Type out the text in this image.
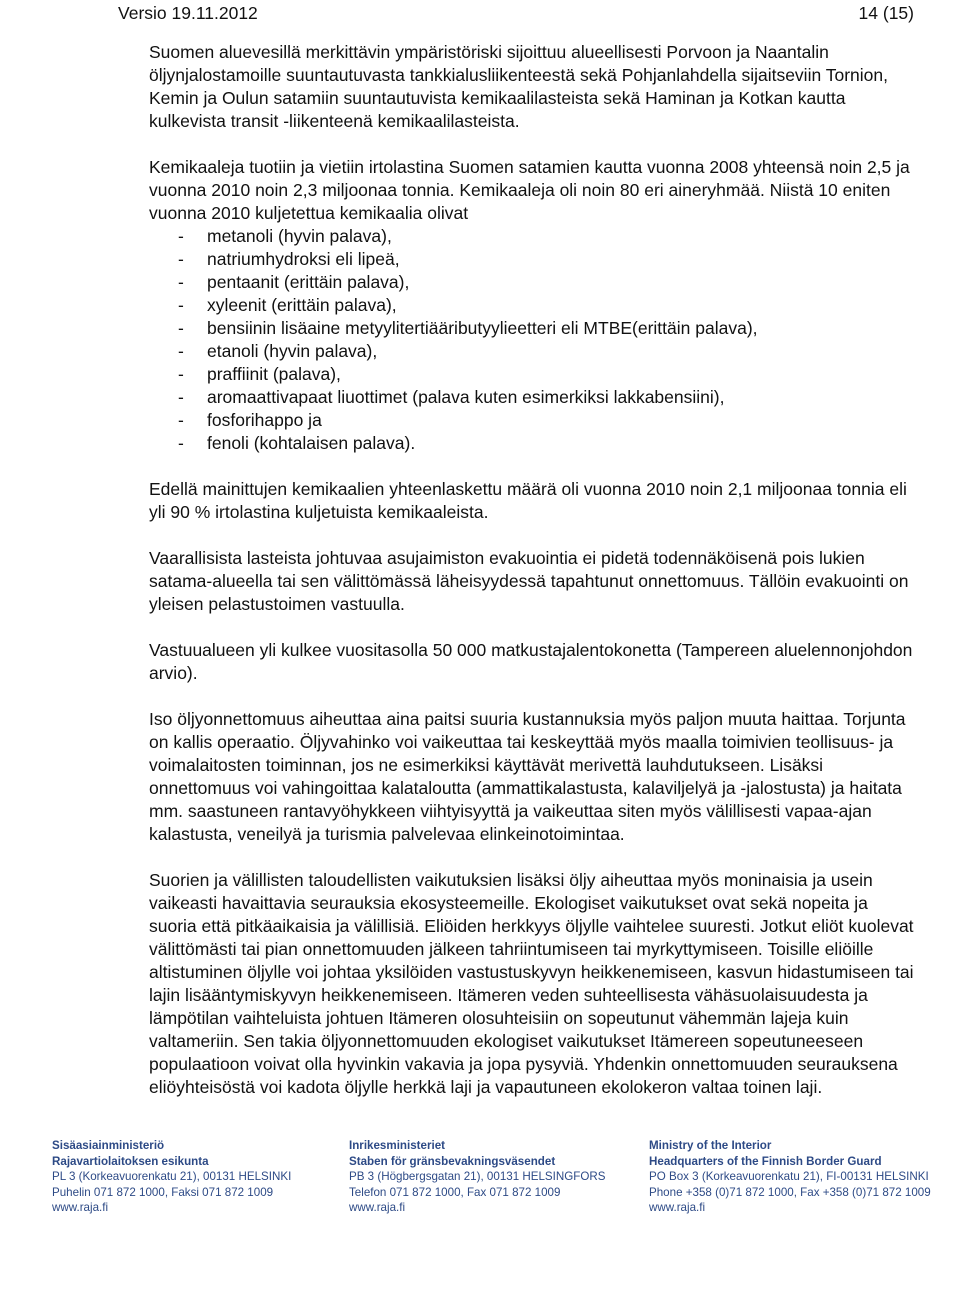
Versio 19.11.2012	14 (15)

Suomen aluevesillä merkittävin ympäristöriski sijoittuu alueellisesti Porvoon ja Naantalin öljynjalostamoille suuntautuvasta tankkialusliikenteestä sekä Pohjanlahdella sijaitseviin Tornion, Kemin ja Oulun satamiin suuntautuvista kemikaalilasteista sekä Haminan ja Kotkan kautta kulkevista transit -liikenteenä kemikaalilasteista.

Kemikaaleja tuotiin ja vietiin irtolastina Suomen satamien kautta vuonna 2008 yhteensä noin 2,5 ja vuonna 2010 noin 2,3 miljoonaa tonnia. Kemikaaleja oli noin 80 eri aineryhmää. Niistä 10 eniten vuonna 2010 kuljetettua kemikaalia olivat

- metanoli (hyvin palava),
- natriumhydroksi eli lipeä,
- pentaanit (erittäin palava),
- xyleenit (erittäin palava),
- bensiinin lisäaine metyylitertiääributyylieetteri eli MTBE(erittäin palava),
- etanoli (hyvin palava),
- praffiinit (palava),
- aromaattivapaat liuottimet (palava kuten esimerkiksi lakkabensiini),
- fosforihappo ja
- fenoli (kohtalaisen palava).

Edellä mainittujen kemikaalien yhteenlaskettu määrä oli vuonna 2010 noin 2,1 miljoonaa tonnia eli yli 90 % irtolastina kuljetuista kemikaaleista.

Vaarallisista lasteista johtuvaa asujaimiston evakuointia ei pidetä todennäköisenä pois lukien satama-alueella tai sen välittömässä läheisyydessä tapahtunut onnettomuus. Tällöin evakuointi on yleisen pelastustoimen vastuulla.

Vastuualueen yli kulkee vuositasolla 50 000 matkustajalentokonetta (Tampereen aluelennonjohdon arvio).

Iso öljyonnettomuus aiheuttaa aina paitsi suuria kustannuksia myös paljon muuta haittaa. Torjunta on kallis operaatio. Öljyvahinko voi vaikeuttaa tai keskeyttää myös maalla toimivien teollisuus- ja voimalaitosten toiminnan, jos ne esimerkiksi käyttävät merivettä lauhdutukseen. Lisäksi onnettomuus voi vahingoittaa kalataloutta (ammattikalastusta, kalaviljelyä ja -jalostusta) ja haitata mm. saastuneen rantavyöhykkeen viihtyisyyttä ja vaikeuttaa siten myös välillisesti vapaa-ajan kalastusta, veneilyä ja turismia palvelevaa elinkeinotoimintaa.

Suorien ja välillisten taloudellisten vaikutuksien lisäksi öljy aiheuttaa myös moninaisia ja usein vaikeasti havaittavia seurauksia ekosysteemeille. Ekologiset vaikutukset ovat sekä nopeita ja suoria että pitkäaikaisia ja välillisiä. Eliöiden herkkyys öljylle vaihtelee suuresti. Jotkut eliöt kuolevat välittömästi tai pian onnettomuuden jälkeen tahriintumiseen tai myrkyttymiseen. Toisille eliöille altistuminen öljylle voi johtaa yksilöiden vastustuskyvyn heikkenemiseen, kasvun hidastumiseen tai lajin lisääntymiskyvyn heikkenemiseen. Itämeren veden suhteellisesta vähäsuolaisuudesta ja lämpötilan vaihteluista johtuen Itämeren olosuhteisiin on sopeutunut vähemmän lajeja kuin valtameriin. Sen takia öljyonnettomuuden ekologiset vaikutukset Itämereen sopeutuneeseen populaatioon voivat olla hyvinkin vakavia ja jopa pysyviä. Yhdenkin onnettomuuden seurauksena eliöyhteisöstä voi kadota öljylle herkkä laji ja vapautuneen ekolokeron valtaa toinen laji.

Sisäasiainministeriö
Rajavartiolaitoksen esikunta
PL 3 (Korkeavuorenkatu 21), 00131 HELSINKI
Puhelin 071 872 1000, Faksi 071 872 1009
www.raja.fi
Inrikesministeriet
Staben för gränsbevakningsväsendet
PB 3 (Högbergsgatan 21), 00131 HELSINGFORS
Telefon 071 872 1000, Fax 071 872 1009
www.raja.fi
Ministry of the Interior
Headquarters of the Finnish Border Guard
PO Box 3 (Korkeavuorenkatu 21), FI-00131 HELSINKI
Phone +358 (0)71 872 1000, Fax +358 (0)71 872 1009
www.raja.fi
